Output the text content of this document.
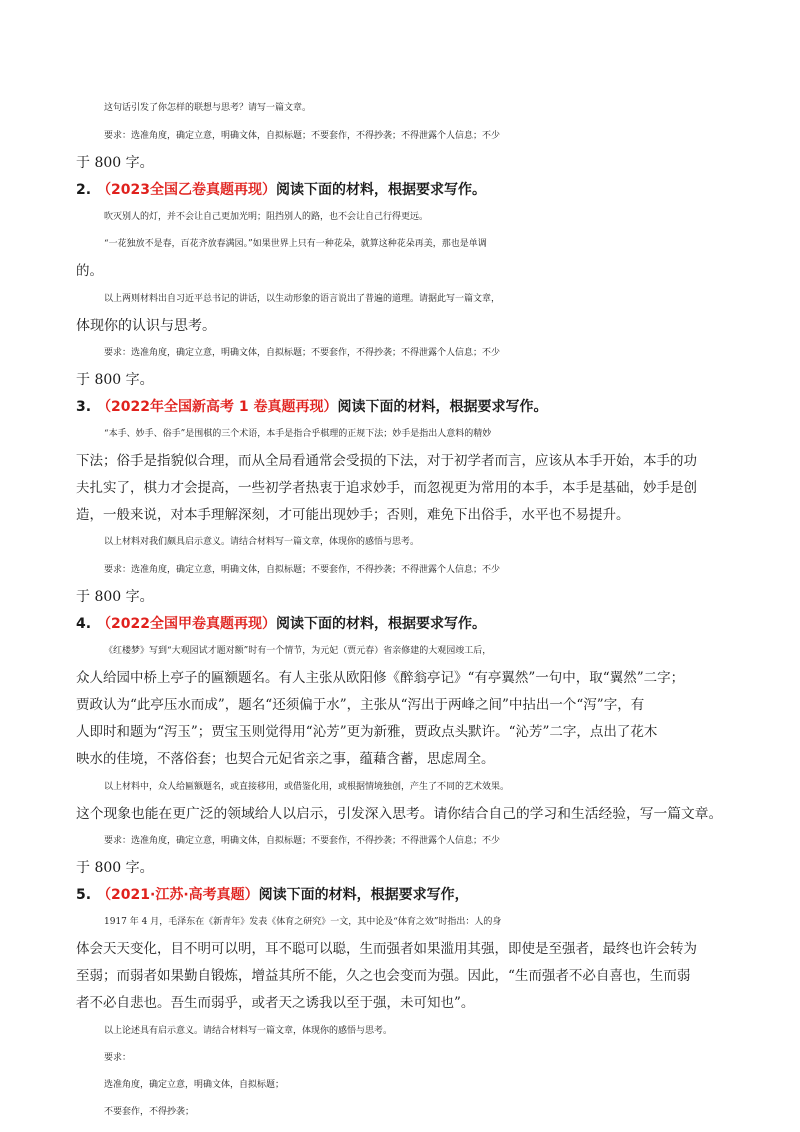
这句话引发了你怎样的联想与思考？请写一篇文章。
要求：选准角度，确定立意，明确文体，自拟标题；不要套作，不得抄袭；不得泄露个人信息；不少
于 800 字。
2. （2023全国乙卷真题再现）阅读下面的材料，根据要求写作。
吹灭别人的灯，并不会让自己更加光明；阻挡别人的路，也不会让自己行得更远。
“一花独放不是春，百花齐放春满园。”如果世界上只有一种花朵，就算这种花朵再美，那也是单调
的。
以上两则材料出自习近平总书记的讲话，以生动形象的语言说出了普遍的道理。请据此写一篇文章，
体现你的认识与思考。
要求：选准角度，确定立意，明确文体，自拟标题；不要套作，不得抄袭；不得泄露个人信息；不少
于 800 字。
3. （2022年全国新高考 1 卷真题再现）阅读下面的材料，根据要求写作。
“本手、妙手、俗手”是围棋的三个术语，本手是指合乎棋理的正规下法；妙手是指出人意料的精妙
下法；俗手是指貌似合理，而从全局看通常会受损的下法，对于初学者而言，应该从本手开始，本手的功
夫扎实了，棋力才会提高，一些初学者热衷于追求妙手，而忽视更为常用的本手，本手是基础，妙手是创
造，一般来说，对本手理解深刻，才可能出现妙手；否则，难免下出俗手，水平也不易提升。
以上材料对我们颇具启示意义。请结合材料写一篇文章，体现你的感悟与思考。
要求：选准角度，确定立意，明确文体，自拟标题；不要套作，不得抄袭；不得泄露个人信息；不少
于 800 字。
4. （2022全国甲卷真题再现）阅读下面的材料，根据要求写作。
《红楼梦》写到“大观园试才题对额”时有一个情节，为元妃（贾元春）省亲修建的大观园竣工后，
众人给园中桥上亭子的匾额题名。有人主张从欧阳修《醉翁亭记》“有亭翼然”一句中，取“翼然”二字；
贾政认为“此亭压水而成”，题名“还须偏于水”，主张从“泻出于两峰之间”中拈出一个“泻”字，有
人即时和题为“泻玉”；贾宝玉则觉得用“沁芳”更为新雅，贾政点头默许。“沁芳”二字，点出了花木
映水的佳境，不落俗套；也契合元妃省亲之事，蕴藉含蓄，思虑周全。
以上材料中，众人给匾额题名，或直接移用，或借鉴化用，或根据情境独创，产生了不同的艺术效果。
这个现象也能在更广泛的领域给人以启示，引发深入思考。请你结合自己的学习和生活经验，写一篇文章。
要求：选准角度，确定立意，明确文体，自拟标题；不要套作，不得抄袭；不得泄露个人信息；不少
于 800 字。
5. （2021·江苏·高考真题）阅读下面的材料，根据要求写作，
1917 年 4 月，毛泽东在《新青年》发表《体育之研究》一文，其中论及“体育之效”时指出：人的身
体会天天变化，目不明可以明，耳不聪可以聪，生而强者如果滥用其强，即使是至强者，最终也许会转为
至弱；而弱者如果勤自锻炼，增益其所不能，久之也会变而为强。因此，“生而强者不必自喜也，生而弱
者不必自悲也。吾生而弱乎，或者天之诱我以至于强，未可知也”。
以上论述具有启示意义。请结合材料写一篇文章，体现你的感悟与思考。
要求：
选准角度，确定立意，明确文体，自拟标题；
不要套作，不得抄袭；
